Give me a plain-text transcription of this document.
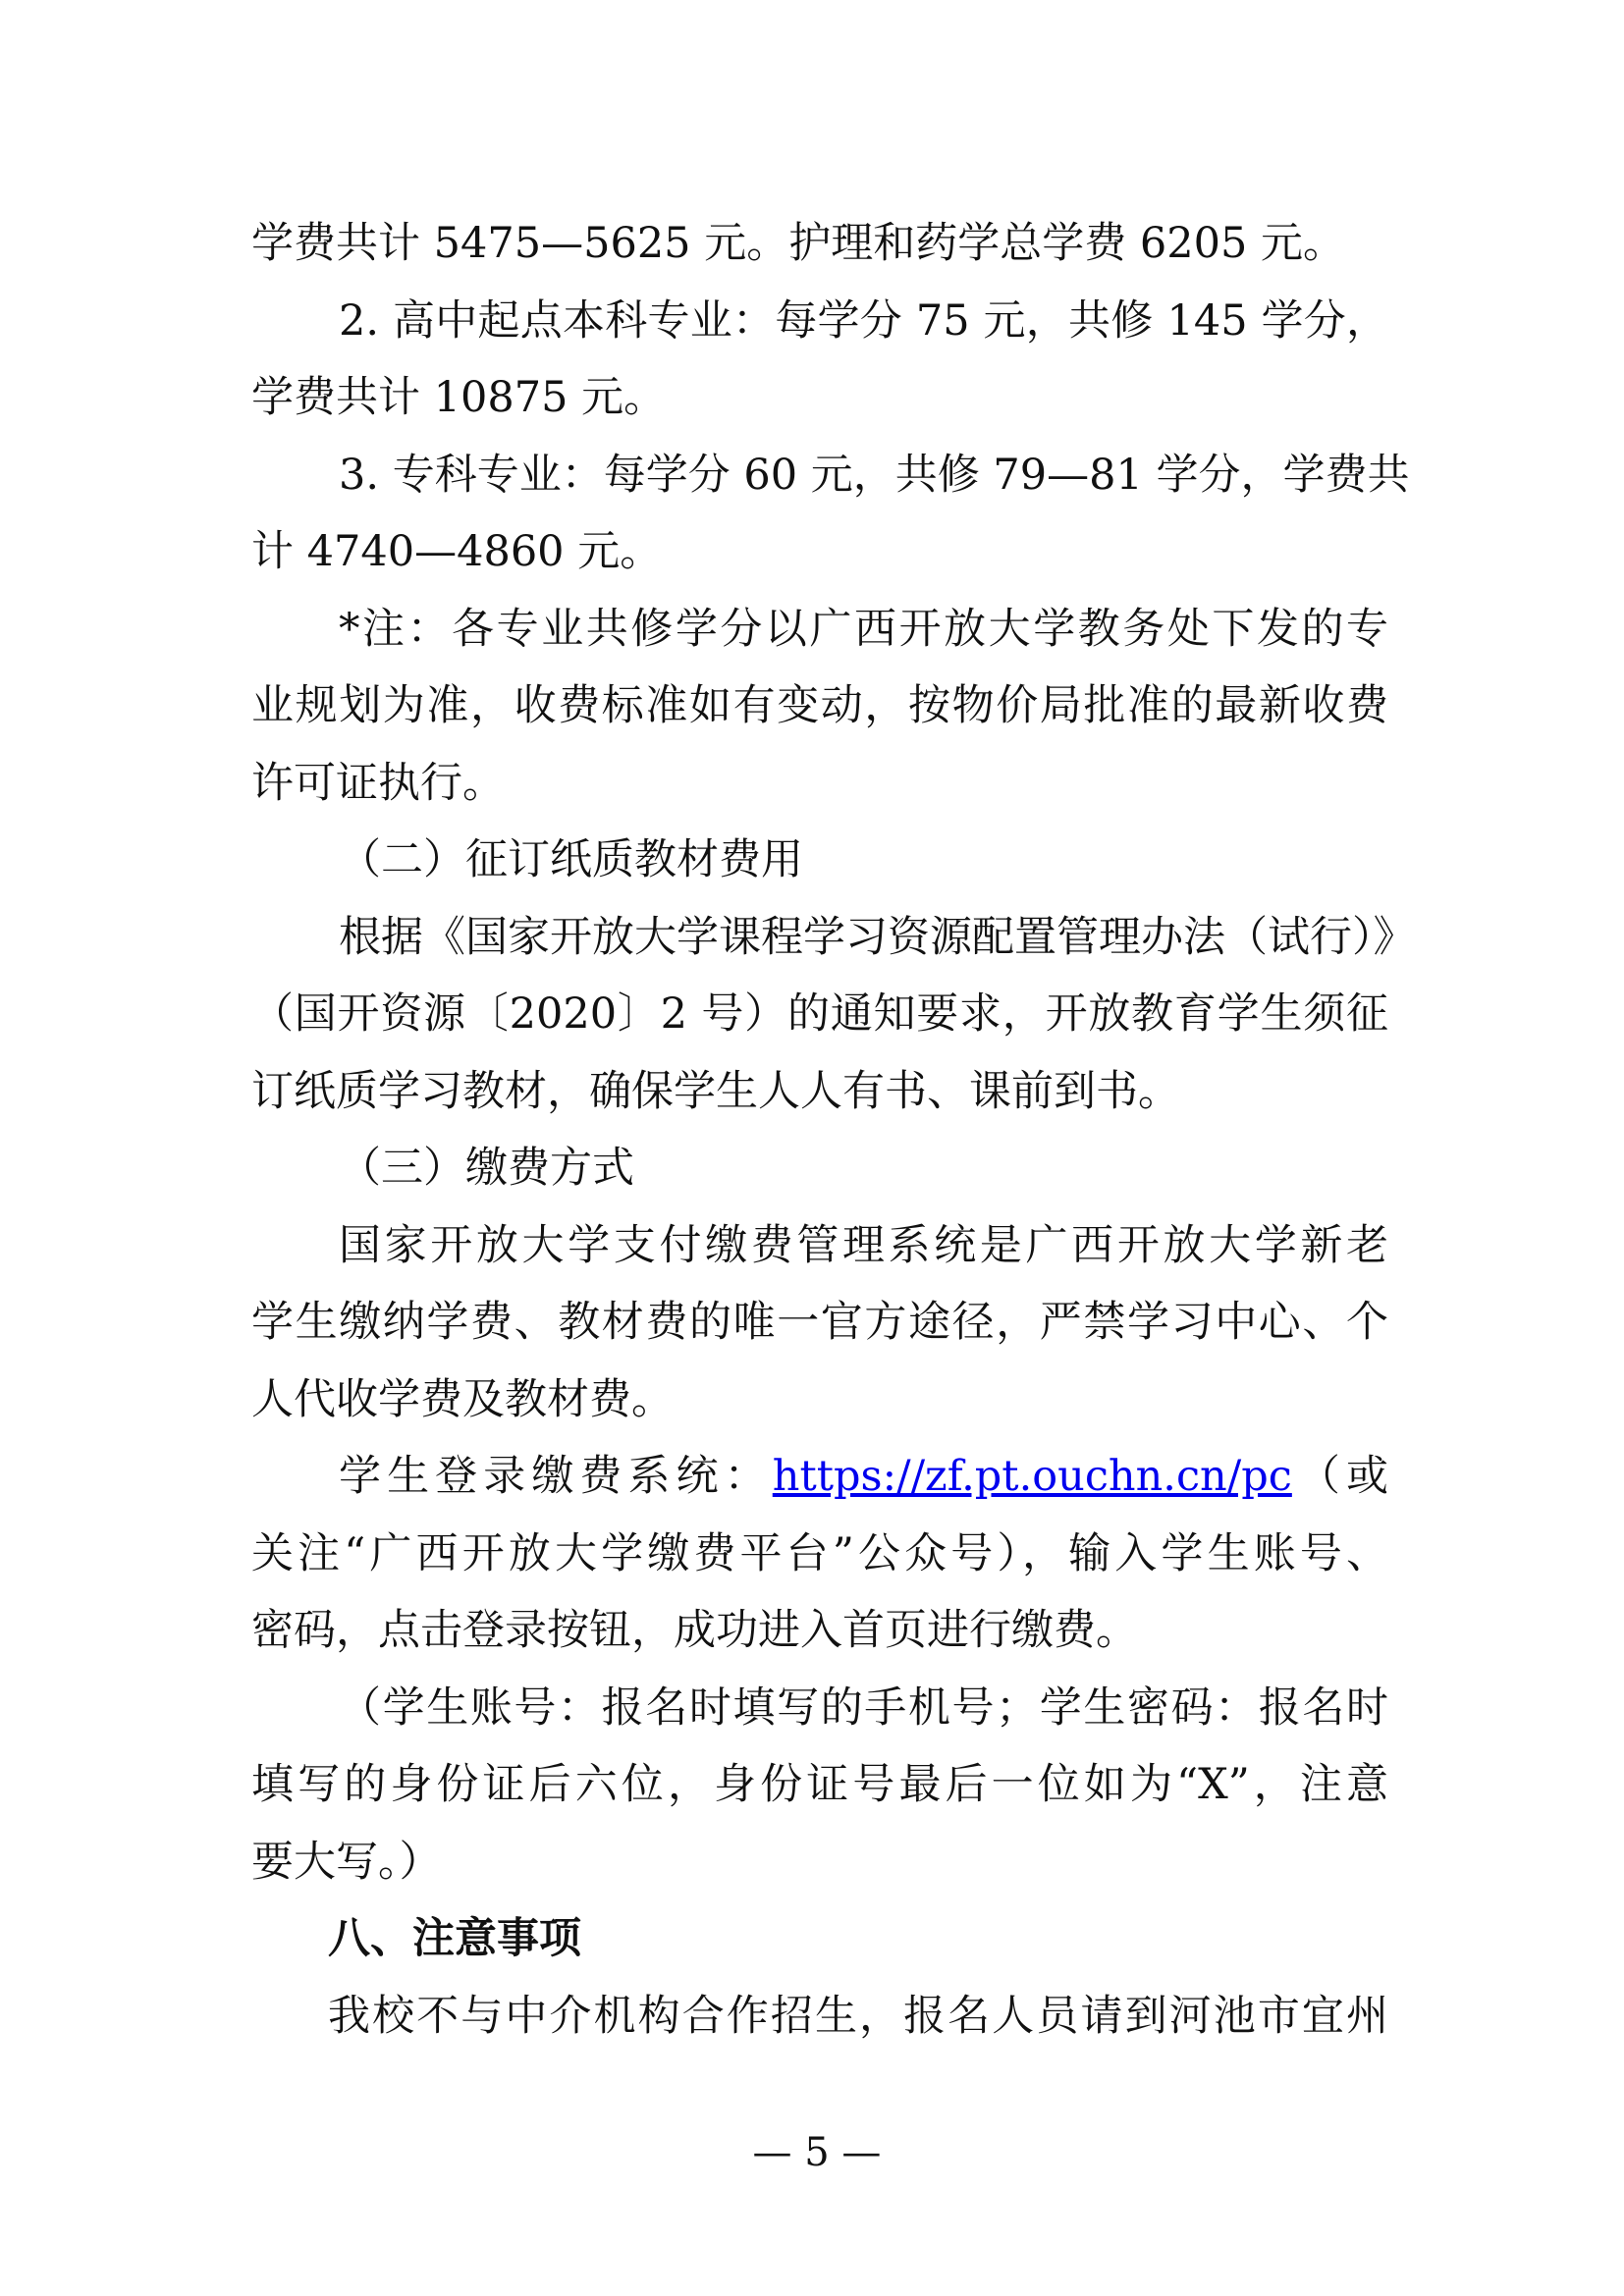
学费共计 5475—5625 元。护理和药学总学费 6205 元。
2. 高中起点本科专业：每学分 75 元，共修 145 学分，
学费共计 10875 元。
3. 专科专业：每学分 60 元，共修 79—81 学分，学费共
计 4740—4860 元。
*注：各专业共修学分以广西开放大学教务处下发的专
业规划为准，收费标准如有变动，按物价局批准的最新收费
许可证执行。
（二）征订纸质教材费用
根据《国家开放大学课程学习资源配置管理办法（试行）》
（国开资源〔2020〕2 号）的通知要求，开放教育学生须征
订纸质学习教材，确保学生人人有书、课前到书。
（三）缴费方式
国家开放大学支付缴费管理系统是广西开放大学新老
学生缴纳学费、教材费的唯一官方途径，严禁学习中心、个
人代收学费及教材费。
学生登录缴费系统：https://zf.pt.ouchn.cn/pc（或
关注“广西开放大学缴费平台”公众号），输入学生账号、
密码，点击登录按钮，成功进入首页进行缴费。
（学生账号：报名时填写的手机号；学生密码：报名时
填写的身份证后六位，身份证号最后一位如为“X”，注意
要大写。）
八、注意事项
我校不与中介机构合作招生，报名人员请到河池市宜州
— 5 —
